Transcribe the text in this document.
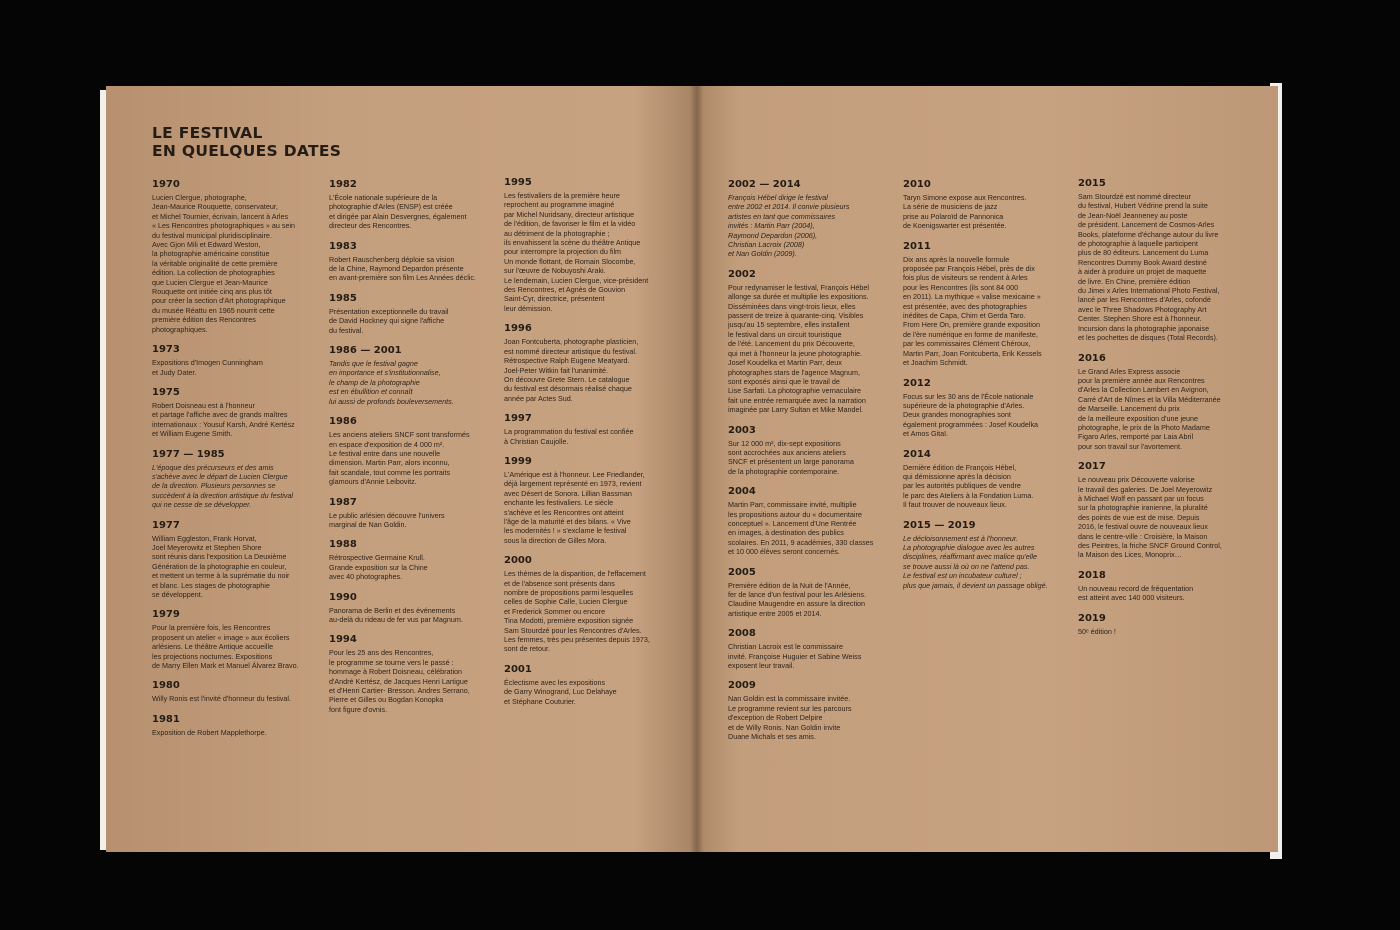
LE FESTIVAL
EN QUELQUES DATES
1970
Lucien Clergue, photographe,
Jean-Maurice Rouquette, conservateur,
et Michel Tournier, écrivain, lancent à Arles
« Les Rencontres photographiques » au sein
du festival municipal pluridisciplinaire.
Avec Gjon Mili et Edward Weston,
la photographie américaine constitue
la véritable originalité de cette première
édition. La collection de photographies
que Lucien Clergue et Jean-Maurice
Rouquette ont initiée cinq ans plus tôt
pour créer la section d'Art photographique
du musée Réattu en 1965 nourrit cette
première édition des Rencontres
photographiques.
1973
Expositions d'Imogen Cunningham
et Judy Dater.
1975
Robert Doisneau est à l'honneur
et partage l'affiche avec de grands maîtres
internationaux : Yousuf Karsh, André Kertész
et William Eugene Smith.
1977 — 1985
L'époque des précurseurs et des amis
s'achève avec le départ de Lucien Clergue
de la direction. Plusieurs personnes se
succèdent à la direction artistique du festival
qui ne cesse de se développer.
1977
William Eggleston, Frank Horvat,
Joel Meyerowitz et Stephen Shore
sont réunis dans l'exposition La Deuxième
Génération de la photographie en couleur,
et mettent un terme à la suprématie du noir
et blanc. Les stages de photographie
se développent.
1979
Pour la première fois, les Rencontres
proposent un atelier « image » aux écoliers
arlésiens. Le théâtre Antique accueille
les projections nocturnes. Expositions
de Marry Ellen Mark et Manuel Álvarez Bravo.
1980
Willy Ronis est l'invité d'honneur du festival.
1981
Exposition de Robert Mapplethorpe.
1982
L'École nationale supérieure de la
photographie d'Arles (ENSP) est créée
et dirigée par Alain Desvergnes, également
directeur des Rencontres.
1983
Robert Rauschenberg déploie sa vision
de la Chine, Raymond Depardon présente
en avant-première son film Les Années déclic.
1985
Présentation exceptionnelle du travail
de David Hockney qui signe l'affiche
du festival.
1986 — 2001
Tandis que le festival gagne
en importance et s'institutionnalise,
le champ de la photographie
est en ébullition et connaît
lui aussi de profonds bouleversements.
1986
Les anciens ateliers SNCF sont transformés
en espace d'exposition de 4 000 m².
Le festival entre dans une nouvelle
dimension. Martin Parr, alors inconnu,
fait scandale, tout comme les portraits
glamours d'Annie Leibovitz.
1987
Le public arlésien découvre l'univers
marginal de Nan Goldin.
1988
Rétrospective Germaine Krull.
Grande exposition sur la Chine
avec 40 photographes.
1990
Panorama de Berlin et des événements
au-delà du rideau de fer vus par Magnum.
1994
Pour les 25 ans des Rencontres,
le programme se tourne vers le passé :
hommage à Robert Doisneau, célébration
d'André Kertész, de Jacques Henri Lartigue
et d'Henri Cartier- Bresson. Andres Serrano,
Pierre et Gilles ou Bogdan Konopka
font figure d'ovnis.
1995
Les festivaliers de la première heure
reprochent au programme imaginé
par Michel Nuridsany, directeur artistique
de l'édition, de favoriser le film et la vidéo
au détriment de la photographie ;
ils envahissent la scène du théâtre Antique
pour interrompre la projection du film
Un monde flottant, de Romain Slocombe,
sur l'œuvre de Nobuyoshi Araki.
Le lendemain, Lucien Clergue, vice-président
des Rencontres, et Agnès de Gouvion
Saint-Cyr, directrice, présentent
leur démission.
1996
Joan Fontcuberta, photographe plasticien,
est nommé directeur artistique du festival.
Rétrospective Ralph Eugene Meatyard.
Joel-Peter Witkin fait l'unanimité.
On découvre Grete Stern. Le catalogue
du festival est désormais réalisé chaque
année par Actes Sud.
1997
La programmation du festival est confiée
à Christian Caujolle.
1999
L'Amérique est à l'honneur. Lee Friedlander,
déjà largement représenté en 1973, revient
avec Désert de Sonora. Lillian Bassman
enchante les festivaliers. Le siècle
s'achève et les Rencontres ont atteint
l'âge de la maturité et des bilans. « Vive
les modernités ! » s'exclame le festival
sous la direction de Gilles Mora.
2000
Les thèmes de la disparition, de l'effacement
et de l'absence sont présents dans
nombre de propositions parmi lesquelles
celles de Sophie Calle, Lucien Clergue
et Frederick Sommer ou encore
Tina Modotti, première exposition signée
Sam Stourdzé pour les Rencontres d'Arles.
Les femmes, très peu présentes depuis 1973,
sont de retour.
2001
Éclectisme avec les expositions
de Garry Winogrand, Luc Delahaye
et Stéphane Couturier.
2002 — 2014
François Hébel dirige le festival
entre 2002 et 2014. Il convie plusieurs
artistes en tant que commissaires
invités : Martin Parr (2004),
Raymond Depardon (2006),
Christian Lacroix (2008)
et Nan Goldin (2009).
2002
Pour redynamiser le festival, François Hébel
allonge sa durée et multiplie les expositions.
Disséminées dans vingt-trois lieux, elles
passent de treize à quarante-cinq. Visibles
jusqu'au 15 septembre, elles installent
le festival dans un circuit touristique
de l'été. Lancement du prix Découverte,
qui met à l'honneur la jeune photographie.
Josef Koudelka et Martin Parr, deux
photographes stars de l'agence Magnum,
sont exposés ainsi que le travail de
Lise Sarfati. La photographie vernaculaire
fait une entrée remarquée avec la narration
imaginée par Larry Sultan et Mike Mandel.
2003
Sur 12 000 m², dix-sept expositions
sont accrochées aux anciens ateliers
SNCF et présentent un large panorama
de la photographie contemporaine.
2004
Martin Parr, commissaire invité, multiplie
les propositions autour du « documentaire
conceptuel ». Lancement d'Une Rentrée
en images, à destination des publics
scolaires. En 2011, 9 académies, 330 classes
et 10 000 élèves seront concernés.
2005
Première édition de la Nuit de l'Année,
fer de lance d'un festival pour les Arlésiens.
Claudine Maugendre en assure la direction
artistique entre 2005 et 2014.
2008
Christian Lacroix est le commissaire
invité. Françoise Huguier et Sabine Weiss
exposent leur travail.
2009
Nan Goldin est la commissaire invitée.
Le programme revient sur les parcours
d'exception de Robert Delpire
et de Willy Ronis. Nan Goldin invite
Duane Michals et ses amis.
2010
Taryn Simone expose aux Rencontres.
La série de musiciens de jazz
prise au Polaroïd de Pannonica
de Koenigswarter est présentée.
2011
Dix ans après la nouvelle formule
proposée par François Hébel, près de dix
fois plus de visiteurs se rendent à Arles
pour les Rencontres (ils sont 84 000
en 2011). La mythique « valise mexicaine »
est présentée, avec des photographies
inédites de Capa, Chim et Gerda Taro.
From Here On, première grande exposition
de l'ère numérique en forme de manifeste,
par les commissaires Clément Chéroux,
Martin Parr, Joan Fontcuberta, Erik Kessels
et Joachim Schmidt.
2012
Focus sur les 30 ans de l'École nationale
supérieure de la photographie d'Arles.
Deux grandes monographies sont
également programmées : Josef Koudelka
et Amos Gitaï.
2014
Dernière édition de François Hébel,
qui démissionne après la décision
par les autorités publiques de vendre
le parc des Ateliers à la Fondation Luma.
Il faut trouver de nouveaux lieux.
2015 — 2019
Le décloisonnement est à l'honneur.
La photographie dialogue avec les autres
disciplines, réaffirmant avec malice qu'elle
se trouve aussi là où on ne l'attend pas.
Le festival est un incubateur culturel ;
plus que jamais, il devient un passage obligé.
2015
Sam Stourdzé est nommé directeur
du festival, Hubert Védrine prend la suite
de Jean-Noël Jeanneney au poste
de président. Lancement de Cosmos-Arles
Books, plateforme d'échange autour du livre
de photographie à laquelle participent
plus de 80 éditeurs. Lancement du Luma
Rencontres Dummy Book Award destiné
à aider à produire un projet de maquette
de livre. En Chine, première édition
du Jimei x Arles International Photo Festival,
lancé par les Rencontres d'Arles, cofondé
avec le Three Shadows Photography Art
Center. Stephen Shore est à l'honneur.
Incursion dans la photographie japonaise
et les pochettes de disques (Total Records).
2016
Le Grand Arles Express associe
pour la première année aux Rencontres
d'Arles la Collection Lambert en Avignon,
Carré d'Art de Nîmes et la Villa Méditerranée
de Marseille. Lancement du prix
de la meilleure exposition d'une jeune
photographe, le prix de la Photo Madame
Figaro Arles, remporté par Laia Abril
pour son travail sur l'avortement.
2017
Le nouveau prix Découverte valorise
le travail des galeries. De Joel Meyerowitz
à Michael Wolf en passant par un focus
sur la photographie iranienne, la pluralité
des points de vue est de mise. Depuis
2016, le festival ouvre de nouveaux lieux
dans le centre-ville : Croisière, la Maison
des Peintres, la friche SNCF Ground Control,
la Maison des Lices, Monoprix…
2018
Un nouveau record de fréquentation
est atteint avec 140 000 visiteurs.
2019
50ᵉ édition !
